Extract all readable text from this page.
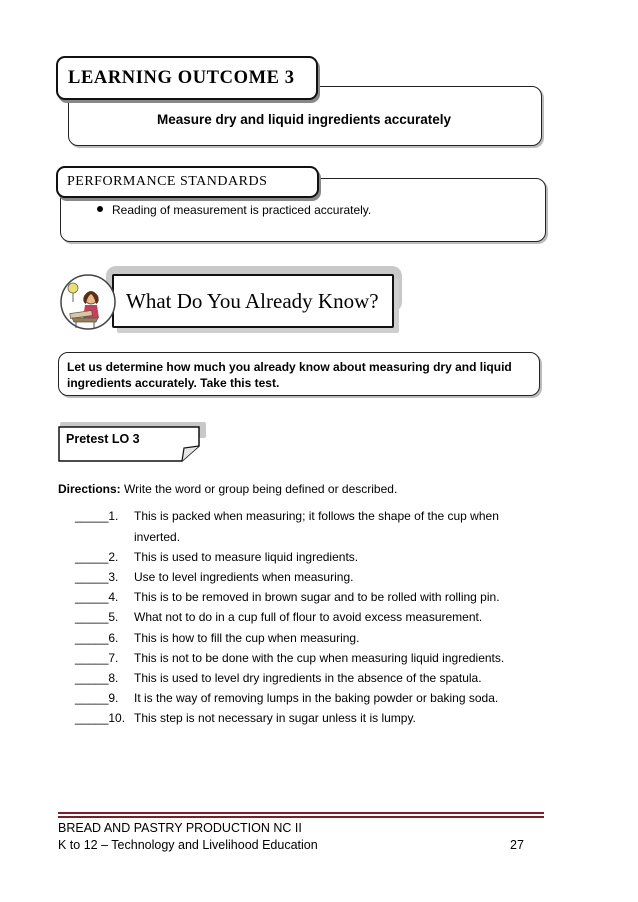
LEARNING OUTCOME 3
Measure dry and liquid ingredients accurately
PERFORMANCE STANDARDS
Reading of measurement is practiced accurately.
What Do You Already Know?
Let us determine how much you already know about measuring dry and liquid
ingredients accurately. Take this test.
Pretest LO 3
Directions: Write the word or group being defined or described.
_____1.	This is packed when measuring; it follows the shape of the cup when
inverted.
_____2.	This is used to measure liquid ingredients.
_____3.	Use to level ingredients when measuring.
_____4.	This is to be removed in brown sugar and to be rolled with rolling pin.
_____5.	What not to do in a cup full of flour to avoid excess measurement.
_____6.	This is how to fill the cup when measuring.
_____7.	This is not to be done with the cup when measuring liquid ingredients.
_____8.	This is used to level dry ingredients in the absence of the spatula.
_____9.	It is the way of removing lumps in the baking powder or baking soda.
_____10. This step is not necessary in sugar unless it is lumpy.
BREAD AND PASTRY PRODUCTION NC II
K to 12 – Technology and Livelihood Education	27
